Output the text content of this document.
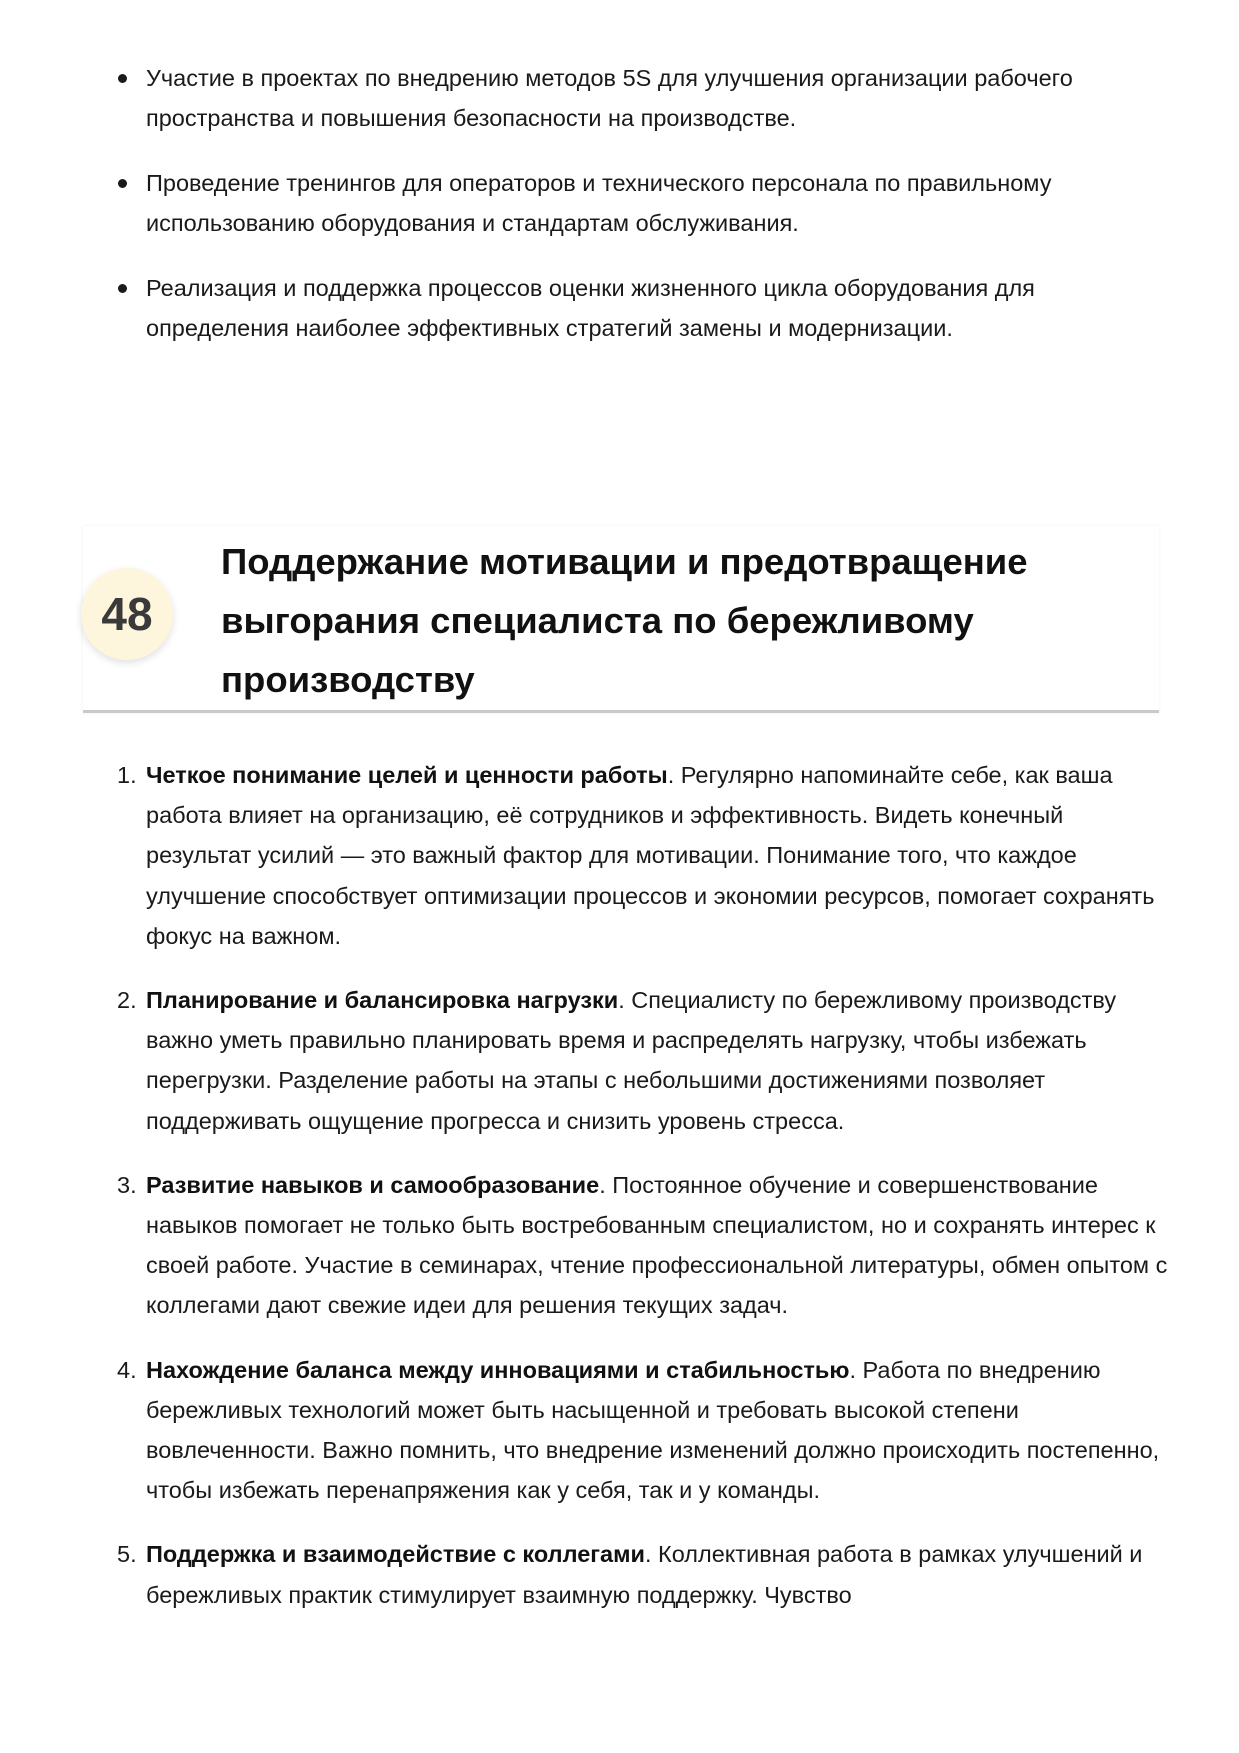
Участие в проектах по внедрению методов 5S для улучшения организации рабочего пространства и повышения безопасности на производстве.
Проведение тренингов для операторов и технического персонала по правильному использованию оборудования и стандартам обслуживания.
Реализация и поддержка процессов оценки жизненного цикла оборудования для определения наиболее эффективных стратегий замены и модернизации.
48
Поддержание мотивации и предотвращение выгорания специалиста по бережливому производству
1. Четкое понимание целей и ценности работы. Регулярно напоминайте себе, как ваша работа влияет на организацию, её сотрудников и эффективность. Видеть конечный результат усилий — это важный фактор для мотивации. Понимание того, что каждое улучшение способствует оптимизации процессов и экономии ресурсов, помогает сохранять фокус на важном.
2. Планирование и балансировка нагрузки. Специалисту по бережливому производству важно уметь правильно планировать время и распределять нагрузку, чтобы избежать перегрузки. Разделение работы на этапы с небольшими достижениями позволяет поддерживать ощущение прогресса и снизить уровень стресса.
3. Развитие навыков и самообразование. Постоянное обучение и совершенствование навыков помогает не только быть востребованным специалистом, но и сохранять интерес к своей работе. Участие в семинарах, чтение профессиональной литературы, обмен опытом с коллегами дают свежие идеи для решения текущих задач.
4. Нахождение баланса между инновациями и стабильностью. Работа по внедрению бережливых технологий может быть насыщенной и требовать высокой степени вовлеченности. Важно помнить, что внедрение изменений должно происходить постепенно, чтобы избежать перенапряжения как у себя, так и у команды.
5. Поддержка и взаимодействие с коллегами. Коллективная работа в рамках улучшений и бережливых практик стимулирует взаимную поддержку. Чувство
